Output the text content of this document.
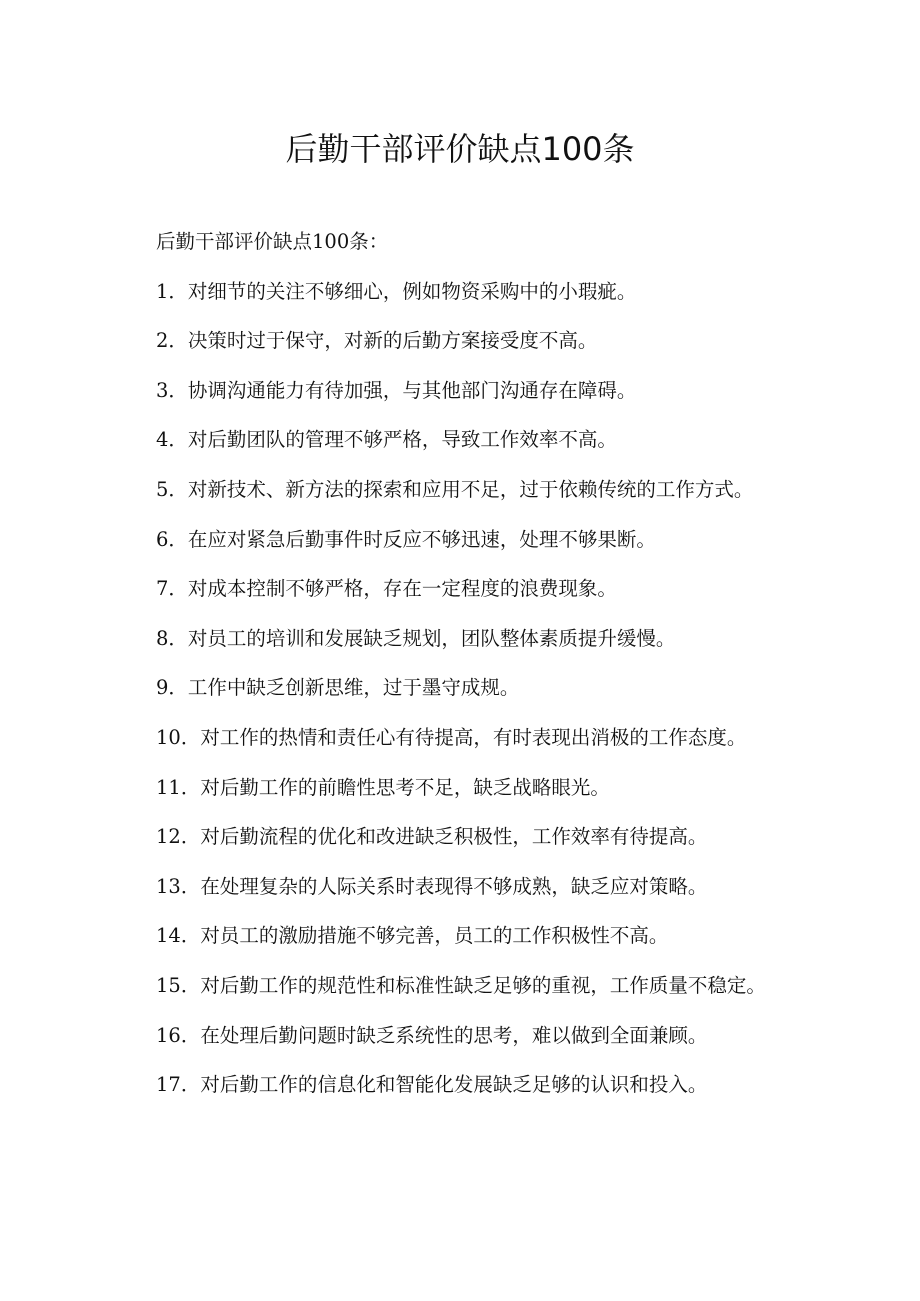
后勤干部评价缺点100条

后勤干部评价缺点100条：

1．对细节的关注不够细心，例如物资采购中的小瑕疵。

2．决策时过于保守，对新的后勤方案接受度不高。

3．协调沟通能力有待加强，与其他部门沟通存在障碍。

4．对后勤团队的管理不够严格，导致工作效率不高。

5．对新技术、新方法的探索和应用不足，过于依赖传统的工作方式。

6．在应对紧急后勤事件时反应不够迅速，处理不够果断。

7．对成本控制不够严格，存在一定程度的浪费现象。

8．对员工的培训和发展缺乏规划，团队整体素质提升缓慢。

9．工作中缺乏创新思维，过于墨守成规。

10．对工作的热情和责任心有待提高，有时表现出消极的工作态度。

11．对后勤工作的前瞻性思考不足，缺乏战略眼光。

12．对后勤流程的优化和改进缺乏积极性，工作效率有待提高。

13．在处理复杂的人际关系时表现得不够成熟，缺乏应对策略。

14．对员工的激励措施不够完善，员工的工作积极性不高。

15．对后勤工作的规范性和标准性缺乏足够的重视，工作质量不稳定。

16．在处理后勤问题时缺乏系统性的思考，难以做到全面兼顾。

17．对后勤工作的信息化和智能化发展缺乏足够的认识和投入。
